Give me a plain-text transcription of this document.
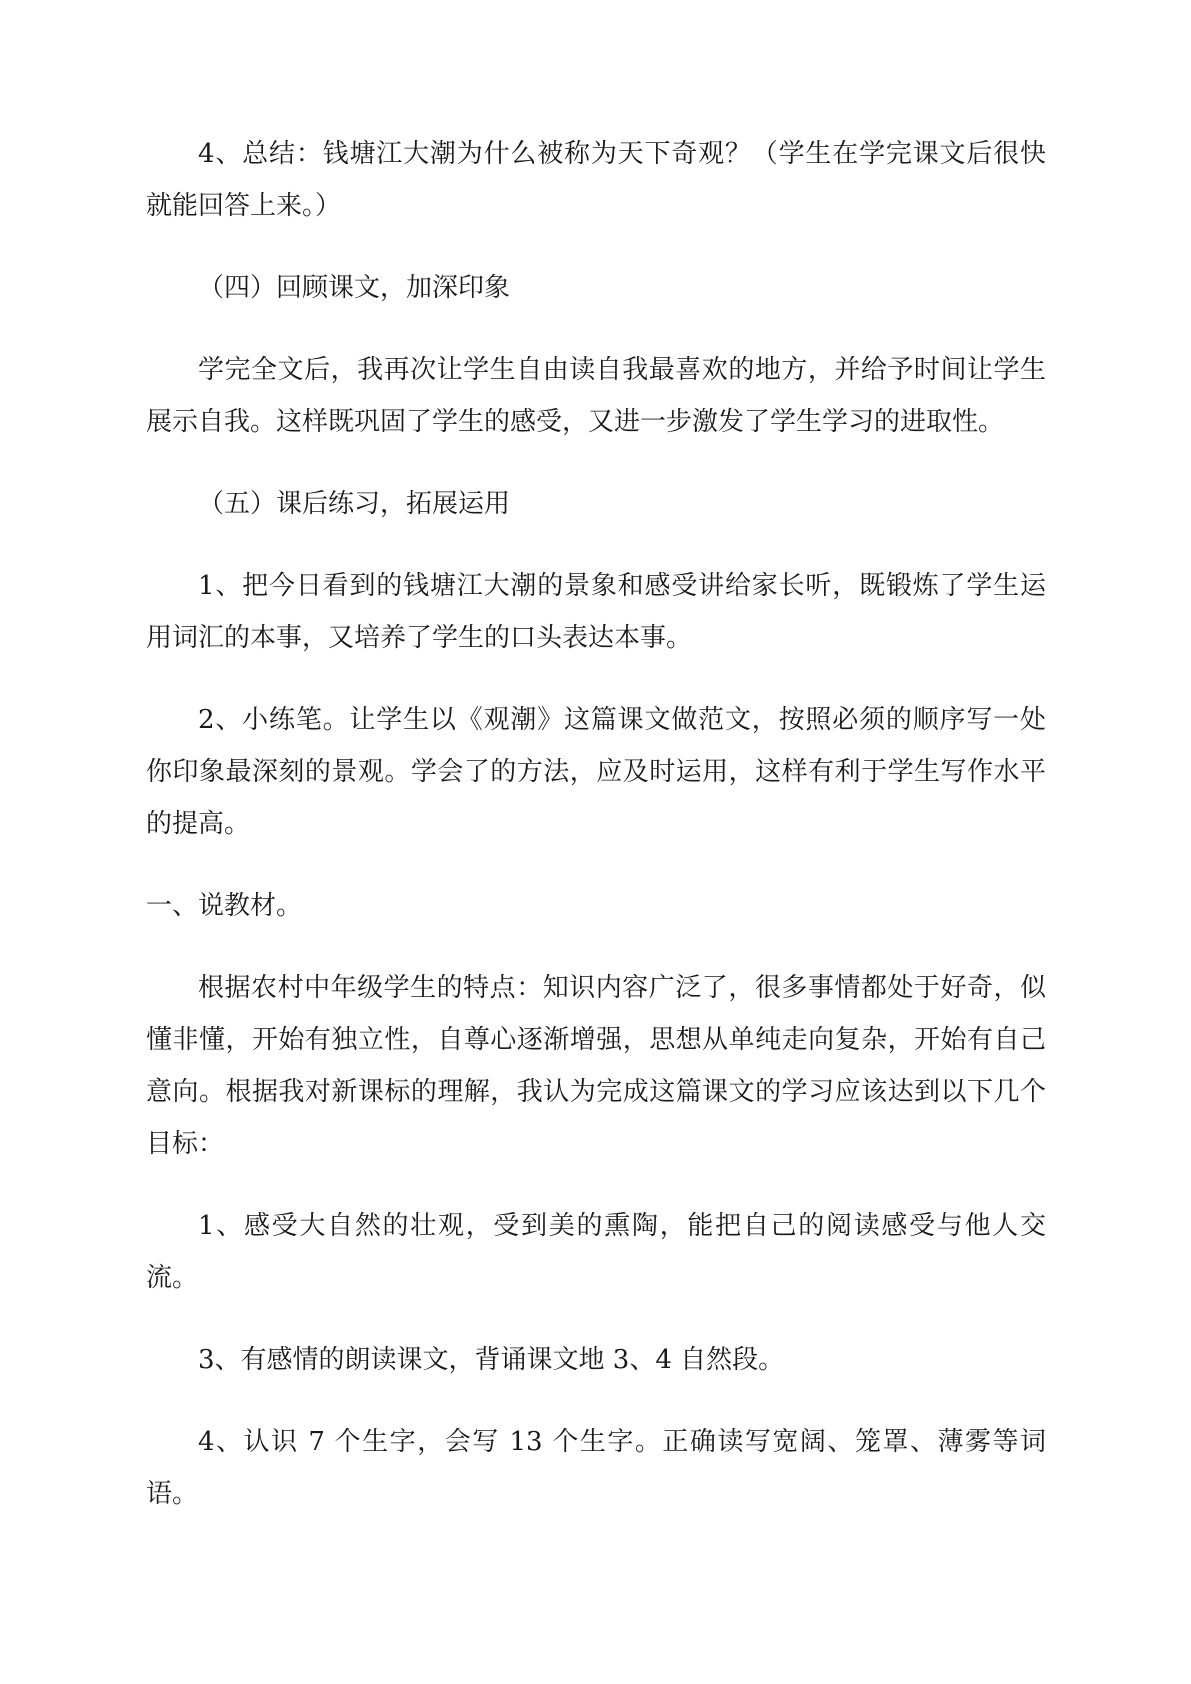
4、总结：钱塘江大潮为什么被称为天下奇观？（学生在学完课文后很快就能回答上来。）

（四）回顾课文，加深印象

学完全文后，我再次让学生自由读自我最喜欢的地方，并给予时间让学生展示自我。这样既巩固了学生的感受，又进一步激发了学生学习的进取性。

（五）课后练习，拓展运用

1、把今日看到的钱塘江大潮的景象和感受讲给家长听，既锻炼了学生运用词汇的本事，又培养了学生的口头表达本事。

2、小练笔。让学生以《观潮》这篇课文做范文，按照必须的顺序写一处你印象最深刻的景观。学会了的方法，应及时运用，这样有利于学生写作水平的提高。

一、说教材。

根据农村中年级学生的特点：知识内容广泛了，很多事情都处于好奇，似懂非懂，开始有独立性，自尊心逐渐增强，思想从单纯走向复杂，开始有自己意向。根据我对新课标的理解，我认为完成这篇课文的学习应该达到以下几个目标：

1、感受大自然的壮观，受到美的熏陶，能把自己的阅读感受与他人交流。

3、有感情的朗读课文，背诵课文地 3、4 自然段。

4、认识 7 个生字，会写 13 个生字。正确读写宽阔、笼罩、薄雾等词语。
